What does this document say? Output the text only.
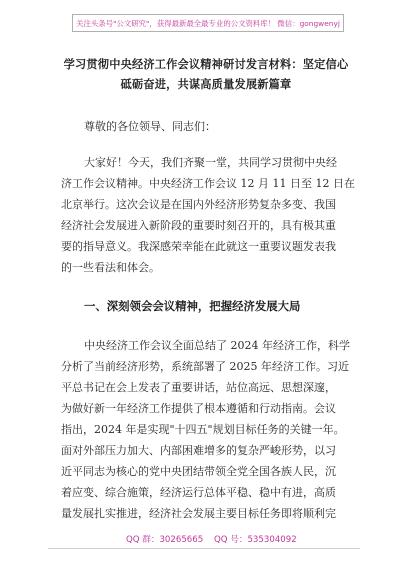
关注头条号"公文研究"，获得最新最全最专业的公文资料库！ 微信：gongwenyj
学习贯彻中央经济工作会议精神研讨发言材料：坚定信心
砥砺奋进，共谋高质量发展新篇章
尊敬的各位领导、同志们：
大家好！今天，我们齐聚一堂，共同学习贯彻中央经
济工作会议精神。中央经济工作会议 12 月 11 日至 12 日在
北京举行。这次会议是在国内外经济形势复杂多变、我国
经济社会发展进入新阶段的重要时刻召开的，具有极其重
要的指导意义。我深感荣幸能在此就这一重要议题发表我
的一些看法和体会。
一、深刻领会会议精神，把握经济发展大局
中央经济工作会议全面总结了 2024 年经济工作，科学
分析了当前经济形势，系统部署了 2025 年经济工作。习近
平总书记在会上发表了重要讲话，站位高远、思想深邃，
为做好新一年经济工作提供了根本遵循和行动指南。会议
指出，2024 年是实现"十四五"规划目标任务的关键一年。
面对外部压力加大、内部困难增多的复杂严峻形势，以习
近平同志为核心的党中央团结带领全党全国各族人民，沉
着应变、综合施策，经济运行总体平稳、稳中有进，高质
量发展扎实推进，经济社会发展主要目标任务即将顺利完
QQ 群：30265665 QQ 号：535304092
